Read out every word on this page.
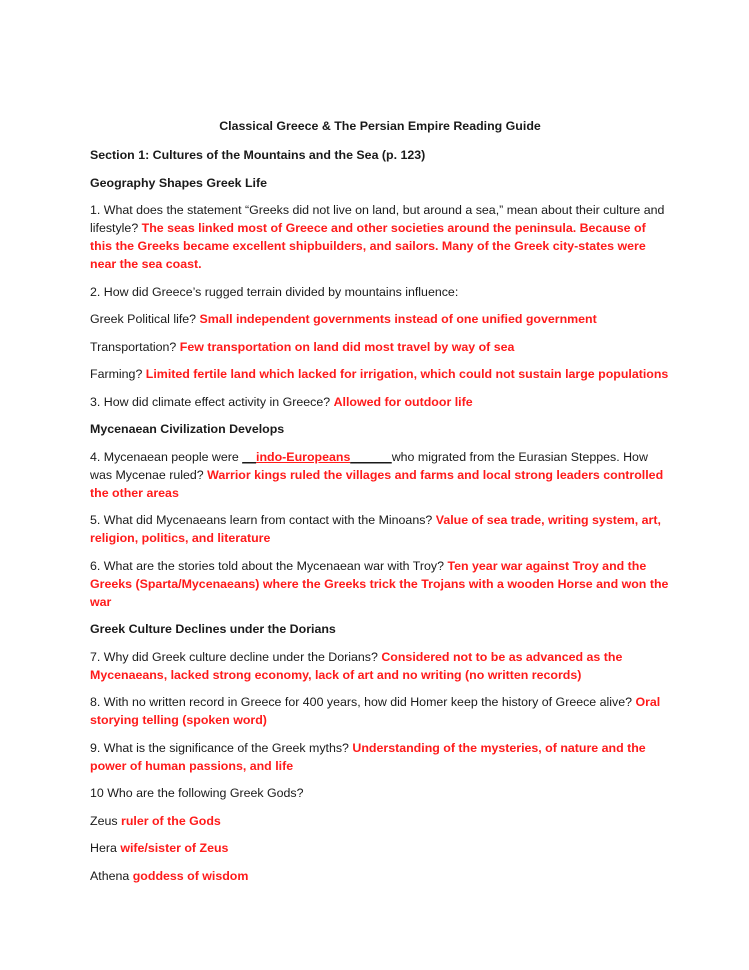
Classical Greece & The Persian Empire Reading Guide

Section 1: Cultures of the Mountains and the Sea (p. 123)

Geography Shapes Greek Life

1. What does the statement “Greeks did not live on land, but around a sea,” mean about their culture and lifestyle? The seas linked most of Greece and other societies around the peninsula. Because of this the Greeks became excellent shipbuilders, and sailors. Many of the Greek city-states were near the sea coast.

2. How did Greece’s rugged terrain divided by mountains influence:

Greek Political life? Small independent governments instead of one unified government

Transportation? Few transportation on land did most travel by way of sea

Farming? Limited fertile land which lacked for irrigation, which could not sustain large populations

3. How did climate effect activity in Greece? Allowed for outdoor life

Mycenaean Civilization Develops

4. Mycenaean people were __indo-Europeans______who migrated from the Eurasian Steppes. How was Mycenae ruled? Warrior kings ruled the villages and farms and local strong leaders controlled the other areas

5. What did Mycenaeans learn from contact with the Minoans? Value of sea trade, writing system, art, religion, politics, and literature

6. What are the stories told about the Mycenaean war with Troy? Ten year war against Troy and the Greeks (Sparta/Mycenaeans) where the Greeks trick the Trojans with a wooden Horse and won the war

Greek Culture Declines under the Dorians

7. Why did Greek culture decline under the Dorians? Considered not to be as advanced as the Mycenaeans, lacked strong economy, lack of art and no writing (no written records)

8. With no written record in Greece for 400 years, how did Homer keep the history of Greece alive? Oral storying telling (spoken word)

9. What is the significance of the Greek myths? Understanding of the mysteries, of nature and the power of human passions, and life

10 Who are the following Greek Gods?

Zeus ruler of the Gods

Hera wife/sister of Zeus

Athena goddess of wisdom
